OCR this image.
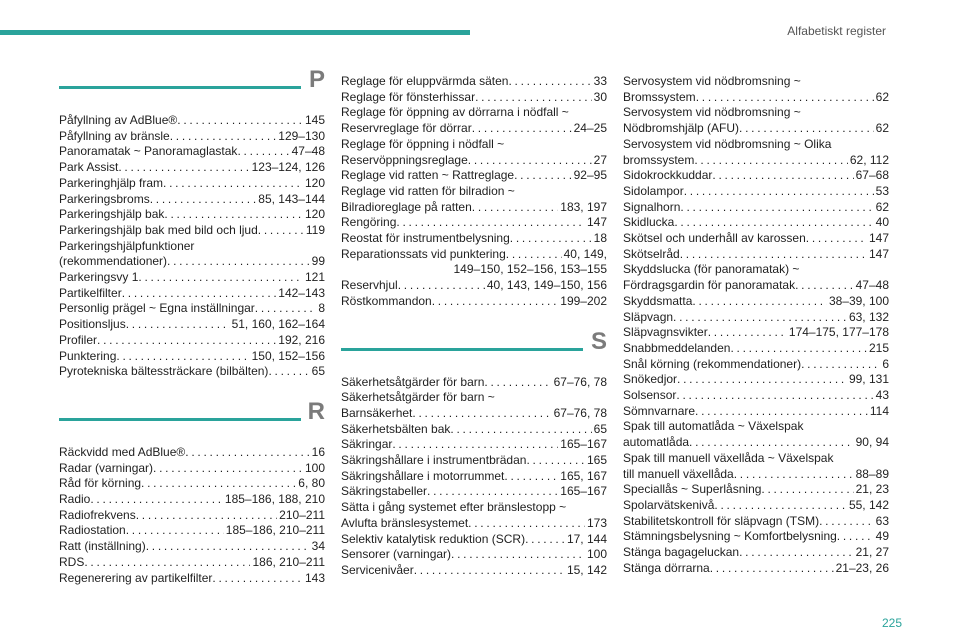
Alfabetiskt register
P
Påfyllning av AdBlue® . . .	145
Påfyllning av bränsle . . .	129–130
Panoramatak ~ Panoramaglastak . . .	47–48
Park Assist . . .	123–124, 126
Parkeringhjälp fram . . .	120
Parkeringsbroms . . .	85, 143–144
Parkeringshjälp bak . . .	120
Parkeringshjälp bak med bild och ljud . . .	119
Parkeringshjälpfunktioner
(rekommendationer) . . .	99
Parkeringsvy 1 . . .	121
Partikelfilter . . .	142–143
Personlig prägel ~ Egna inställningar . . .	8
Positionsljus . . .	51, 160, 162–164
Profiler . . .	192, 216
Punktering . . .	150, 152–156
Pyrotekniska bältessträckare (bilbälten) . . .	65
R
Räckvidd med AdBlue® . . .	16
Radar (varningar) . . .	100
Råd för körning . . .	6, 80
Radio . . .	185–186, 188, 210
Radiofrekvens . . .	210–211
Radiostation . . .	185–186, 210–211
Ratt (inställning) . . .	34
RDS . . .	186, 210–211
Regenerering av partikelfilter . . .	143
Reglage för eluppvärmda säten . . .	33
Reglage för fönsterhissar . . .	30
Reglage för öppning av dörrarna i nödfall ~
Reservreglage för dörrar . . .	24–25
Reglage för öppning i nödfall ~
Reservöppningsreglage . . .	27
Reglage vid ratten ~ Rattreglage . . .	92–95
Reglage vid ratten för bilradion ~
Bilradioreglage på ratten . . .	183, 197
Rengöring . . .	147
Reostat för instrumentbelysning . . .	18
Reparationssats vid punktering . . .	40, 149,
149–150, 152–156, 153–155
Reservhjul . . .	40, 143, 149–150, 156
Röstkommandon . . .	199–202
S
Säkerhetsåtgärder för barn . . .	67–76, 78
Säkerhetsåtgärder för barn ~
Barnsäkerhet . . .	67–76, 78
Säkerhetsbälten bak . . .	65
Säkringar . . .	165–167
Säkringshållare i instrumentbrädan . . .	165
Säkringshållare i motorrummet . . .	165, 167
Säkringstabeller . . .	165–167
Sätta i gång systemet efter bränslestopp ~
Avlufta bränslesystemet . . .	173
Selektiv katalytisk reduktion (SCR) . . .	17, 144
Sensorer (varningar) . . .	100
Servicenivåer . . .	15, 142
Servosystem vid nödbromsning ~
Bromssystem . . .	62
Servosystem vid nödbromsning ~
Nödbromshjälp (AFU) . . .	62
Servosystem vid nödbromsning ~ Olika
bromssystem . . .	62, 112
Sidokrockkuddar . . .	67–68
Sidolampor . . .	53
Signalhorn . . .	62
Skidlucka . . .	40
Skötsel och underhåll av karossen . . .	147
Skötselråd . . .	147
Skyddslucka (för panoramatak) ~
Fördragsgardin för panoramatak . . .	47–48
Skyddsmatta . . .	38–39, 100
Släpvagn . . .	63, 132
Släpvagnsvikter . . .	174–175, 177–178
Snabbmeddelanden . . .	215
Snål körning (rekommendationer) . . .	6
Snökedjor . . .	99, 131
Solsensor . . .	43
Sömnvarnare . . .	114
Spak till automatlåda ~ Växelspak
automatlåda . . .	90, 94
Spak till manuell växellåda ~ Växelspak
till manuell växellåda . . .	88–89
Speciallås ~ Superlåsning . . .	21, 23
Spolarvätskenivå . . .	55, 142
Stabilitetskontroll för släpvagn (TSM) . . .	63
Stämningsbelysning ~ Komfortbelysning . . .	49
Stänga bagageluckan . . .	21, 27
Stänga dörrarna . . .	21–23, 26
225
